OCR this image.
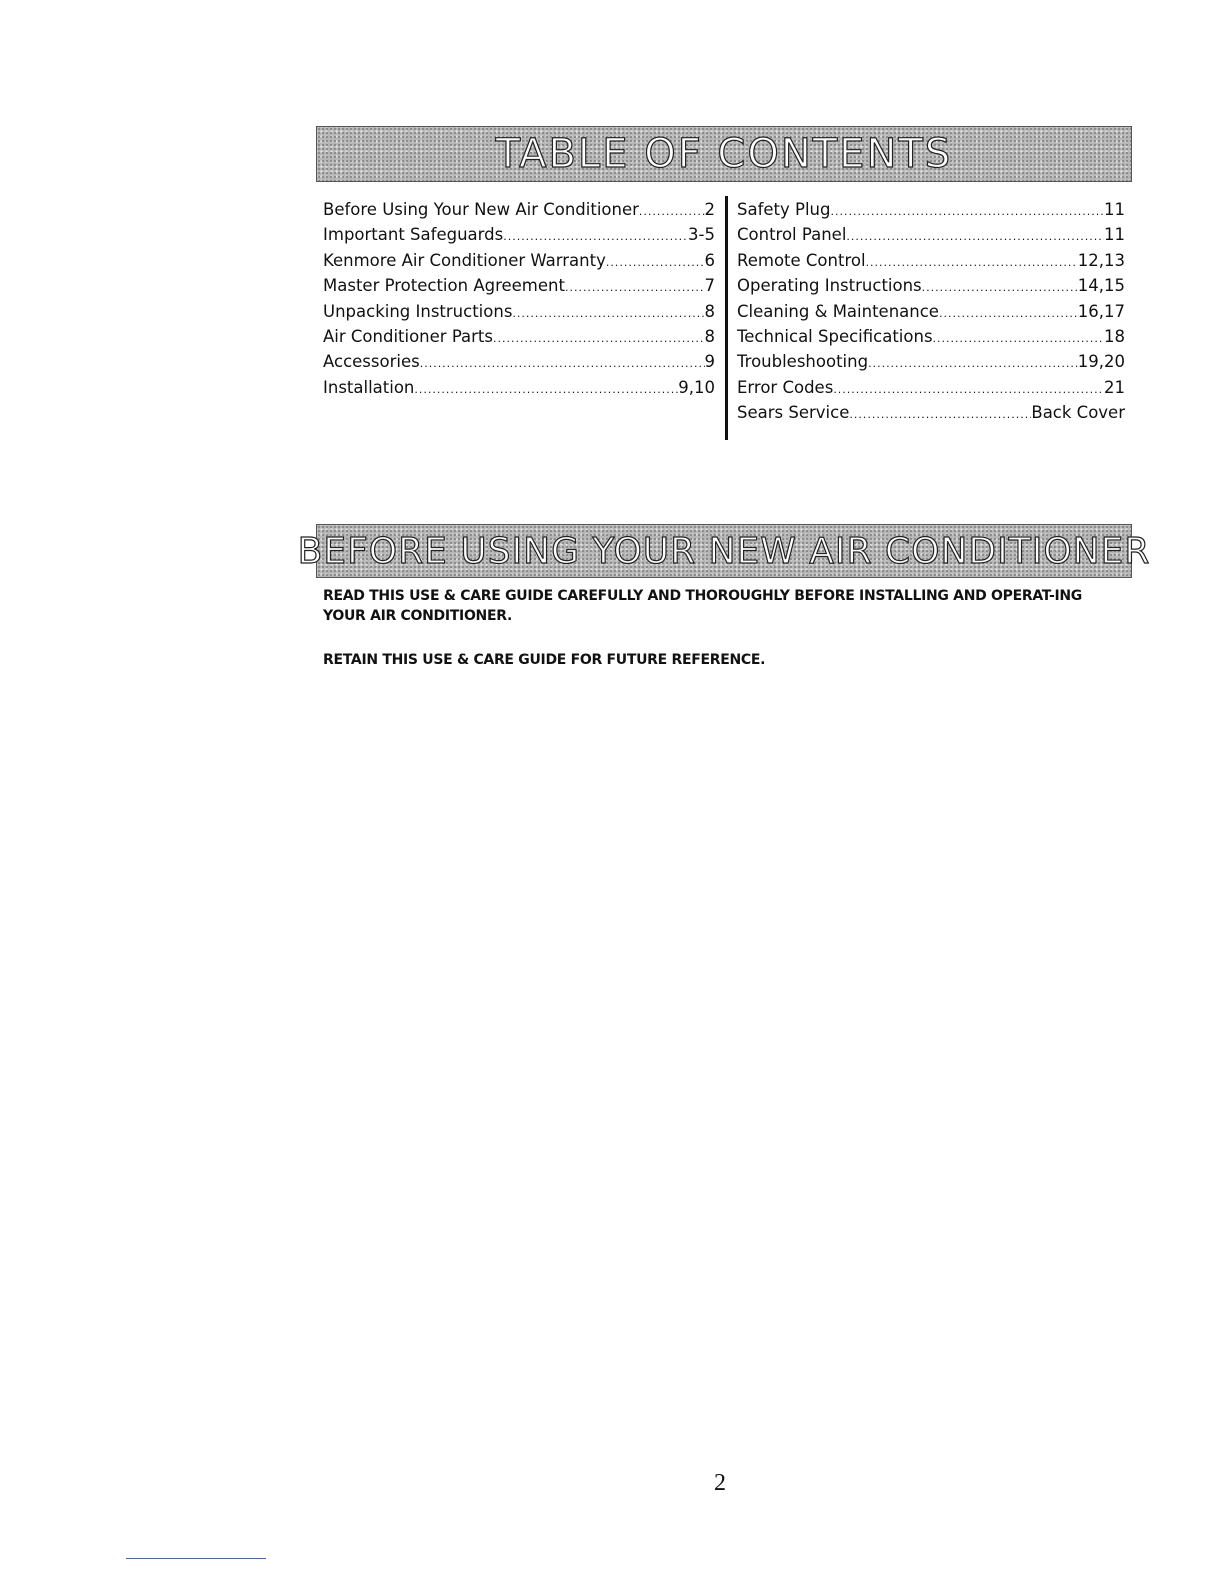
TABLE OF CONTENTS
Before Using Your New Air Conditioner .....	2
Important Safeguards .....	3-5
Kenmore Air Conditioner Warranty .....	6
Master Protection Agreement .....	7
Unpacking Instructions .....	8
Air Conditioner Parts .....	8
Accessories .....	9
Installation .....	9,10
Safety Plug .....	11
Control Panel .....	11
Remote Control .....	12,13
Operating Instructions .....	14,15
Cleaning & Maintenance .....	16,17
Technical Specifications .....	18
Troubleshooting .....	19,20
Error Codes .....	21
Sears Service .....	Back Cover
BEFORE USING YOUR NEW AIR CONDITIONER
READ THIS USE & CARE GUIDE CAREFULLY AND THOROUGHLY BEFORE INSTALLING AND OPERAT-ING YOUR AIR CONDITIONER.
RETAIN THIS USE & CARE GUIDE FOR FUTURE REFERENCE.
2
